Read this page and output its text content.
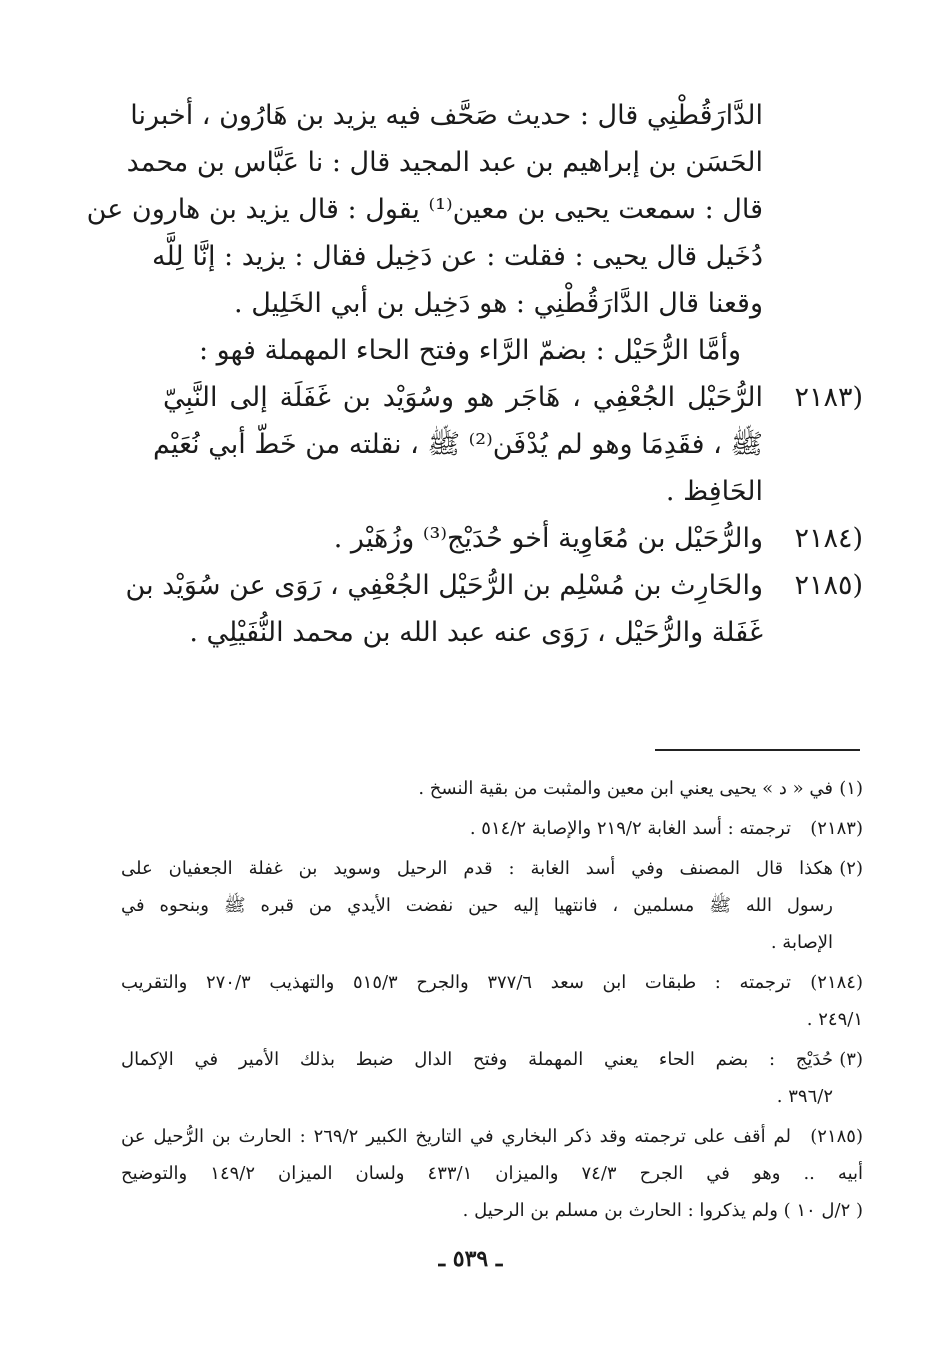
الدَّارَقُطْنِي قال : حديث صَحَّف فيه يزيد بن هَارُون ، أخبرنا
الحَسَن بن إبراهيم بن عبد المجيد قال : نا عَبَّاس بن محمد
قال : سمعت يحيى بن معين⁽¹⁾ يقول : قال يزيد بن هارون عن
دُخَيل قال يحيى : فقلت : عن دَخِيل فقال : يزيد : إنَّا لِلَّه
وقعنا قال الدَّارَقُطْنِي : هو دَخِيل بن أبي الخَلِيل .
وأمَّا الرُّحَيْل : بضمّ الرَّاء وفتح الحاء المهملة فهو :
(٢١٨٣
الرُّحَيْل الجُعْفِي ، هَاجَر هو وسُوَيْد بن غَفَلَة إلى النَّبِيّ
ﷺ ، فقَدِمَا وهو لم يُدْفَن⁽²⁾ ﷺ ، نقلته من خَطّ أبي نُعَيْم
الحَافِظ .
(٢١٨٤
والرُّحَيْل بن مُعَاوِية أخو حُدَيْج⁽³⁾ وزُهَيْر .
(٢١٨٥
والحَارِث بن مُسْلِم بن الرُّحَيْل الجُعْفِي ، رَوَى عن سُوَيْد بن
غَفَلة والرُّحَيْل ، رَوَى عنه عبد الله بن محمد النُّفَيْلِي .
(١)
في « د » يحيى يعني ابن معين والمثبت من بقية النسخ .
(٢١٨٣)
ترجمته : أسد الغابة ٢١٩/٢ والإصابة ٥١٤/٢ .
(٢)
هكذا قال المصنف وفي أسد الغابة : قدم الرحيل وسويد بن غفلة الجعفيان على
رسول الله ﷺ مسلمين ، فانتهيا إليه حين نفضت الأيدي من قبره ﷺ وبنحوه في
الإصابة .
(٢١٨٤)
ترجمته : طبقات ابن سعد ٣٧٧/٦ والجرح ٥١٥/٣ والتهذيب ٢٧٠/٣ والتقريب
٢٤٩/١ .
(٣)
حُدَيْج : بضم الحاء يعني المهملة وفتح الدال ضبط بذلك الأمير في الإكمال
٣٩٦/٢ .
(٢١٨٥)
لم أقف على ترجمته وقد ذكر البخاري في التاريخ الكبير ٢٦٩/٢ : الحارث بن الرُّحيل عن
أبيه .. وهو في الجرح ٧٤/٣ والميزان ٤٣٣/١ ولسان الميزان ١٤٩/٢ والتوضيح
( ٢/ل ١٠ ) ولم يذكروا : الحارث بن مسلم بن الرحيل .
ـ ٥٣٩ ـ
